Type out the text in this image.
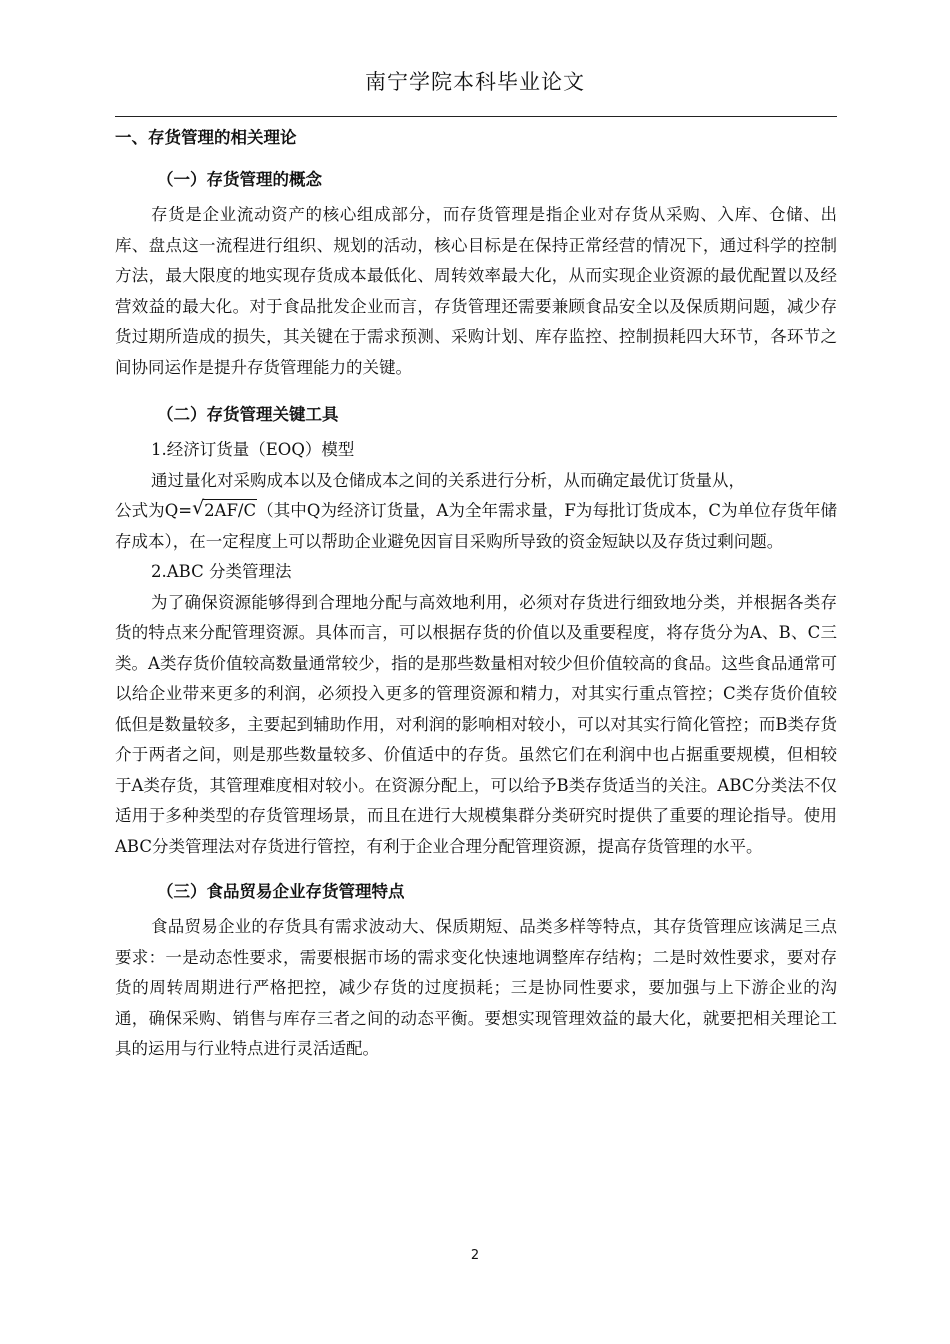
南宁学院本科毕业论文
一、存货管理的相关理论
（一）存货管理的概念

存货是企业流动资产的核心组成部分，而存货管理是指企业对存货从采购、入库、仓储、出库、盘点这一流程进行组织、规划的活动，核心目标是在保持正常经营的情况下，通过科学的控制方法，最大限度的地实现存货成本最低化、周转效率最大化，从而实现企业资源的最优配置以及经营效益的最大化。对于食品批发企业而言，存货管理还需要兼顾食品安全以及保质期问题，减少存货过期所造成的损失，其关键在于需求预测、采购计划、库存监控、控制损耗四大环节，各环节之间协同运作是提升存货管理能力的关键。

（二）存货管理关键工具
1.经济订货量（EOQ）模型

通过量化对采购成本以及仓储成本之间的关系进行分析，从而确定最优订货量从，

公式为Q= √ 2AF/C（其中Q为经济订货量，A为全年需求量，F为每批订货成本，C为单位存货年储存成本），在一定程度上可以帮助企业避免因盲目采购所导致的资金短缺以及存货过剩问题。
2.ABC 分类管理法

为了确保资源能够得到合理地分配与高效地利用，必须对存货进行细致地分类，并根据各类存货的特点来分配管理资源。具体而言，可以根据存货的价值以及重要程度，将存货分为A、B、C三类。A类存货价值较高数量通常较少，指的是那些数量相对较少但价值较高的食品。这些食品通常可以给企业带来更多的利润，必须投入更多的管理资源和精力，对其实行重点管控；C类存货价值较低但是数量较多，主要起到辅助作用，对利润的影响相对较小，可以对其实行简化管控；而B类存货介于两者之间，则是那些数量较多、价值适中的存货。虽然它们在利润中也占据重要规模，但相较于A类存货，其管理难度相对较小。在资源分配上，可以给予B类存货适当的关注。ABC分类法不仅适用于多种类型的存货管理场景，而且在进行大规模集群分类研究时提供了重要的理论指导。使用ABC分类管理法对存货进行管控，有利于企业合理分配管理资源，提高存货管理的水平。

（三）食品贸易企业存货管理特点

食品贸易企业的存货具有需求波动大、保质期短、品类多样等特点，其存货管理应该满足三点要求：一是动态性要求，需要根据市场的需求变化快速地调整库存结构；二是时效性要求，要对存货的周转周期进行严格把控，减少存货的过度损耗；三是协同性要求，要加强与上下游企业的沟通，确保采购、销售与库存三者之间的动态平衡。要想实现管理效益的最大化，就要把相关理论工具的运用与行业特点进行灵活适配。

2
